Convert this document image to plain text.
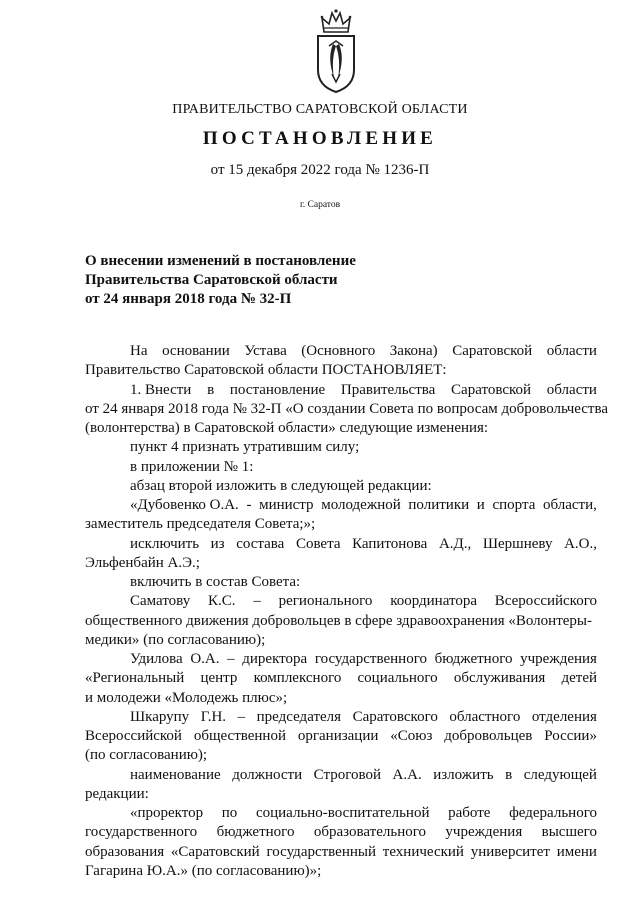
ПРАВИТЕЛЬСТВО САРАТОВСКОЙ ОБЛАСТИ
ПОСТАНОВЛЕНИЕ
от 15 декабря 2022 года № 1236-П
г. Саратов
О внесении изменений в постановление
Правительства Саратовской области
от 24 января 2018 года № 32-П
На основании Устава (Основного Закона) Саратовской области
Правительство Саратовской области ПОСТАНОВЛЯЕТ:
1. Внести в постановление Правительства Саратовской области
от 24 января 2018 года № 32-П «О создании Совета по вопросам добровольчества
(волонтерства) в Саратовской области» следующие изменения:
пункт 4 признать утратившим силу;
в приложении № 1:
абзац второй изложить в следующей редакции:
«Дубовенко О.А. - министр молодежной политики и спорта области,
заместитель председателя Совета;»;
исключить из состава Совета Капитонова А.Д., Шершневу А.О.,
Эльфенбайн А.Э.;
включить в состав Совета:
Саматову К.С. – регионального координатора Всероссийского
общественного движения добровольцев в сфере здравоохранения «Волонтеры-
медики» (по согласованию);
Удилова О.А. – директора государственного бюджетного учреждения
«Региональный центр комплексного социального обслуживания детей
и молодежи «Молодежь плюс»;
Шкарупу Г.Н. – председателя Саратовского областного отделения
Всероссийской общественной организации «Союз добровольцев России»
(по согласованию);
наименование должности Строговой А.А. изложить в следующей
редакции:
«проректор по социально-воспитательной работе федерального
государственного бюджетного образовательного учреждения высшего
образования «Саратовский государственный технический университет имени
Гагарина Ю.А.» (по согласованию)»;
